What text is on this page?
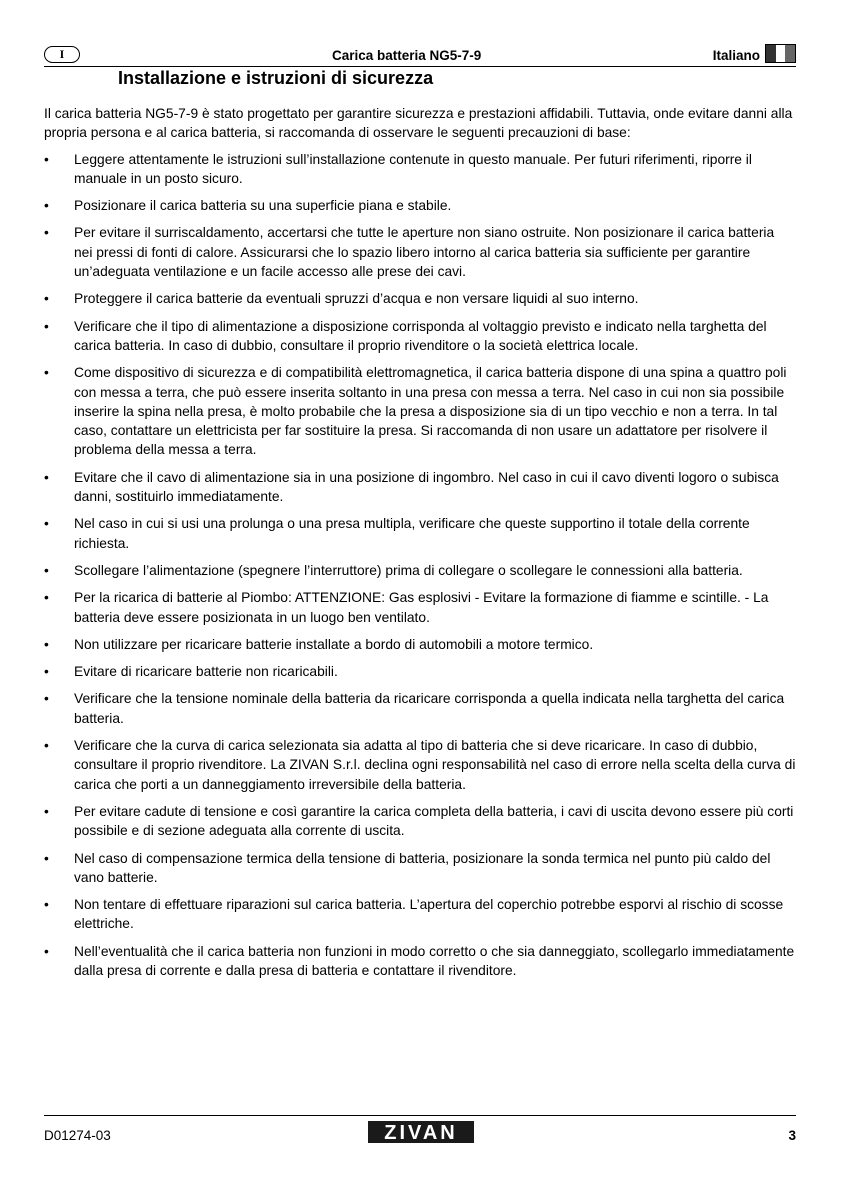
I	Carica batteria NG5-7-9	Italiano
Installazione e istruzioni di sicurezza

Il carica batteria NG5-7-9 è stato progettato per garantire sicurezza e prestazioni affidabili. Tuttavia, onde evitare danni alla propria persona e al carica batteria, si raccomanda di osservare le seguenti precauzioni di base:

• Leggere attentamente le istruzioni sull’installazione contenute in questo manuale. Per futuri riferimenti, riporre il manuale in un posto sicuro.
• Posizionare il carica batteria su una superficie piana e stabile.
• Per evitare il surriscaldamento, accertarsi che tutte le aperture non siano ostruite. Non posizionare il carica batteria nei pressi di fonti di calore. Assicurarsi che lo spazio libero intorno al carica batteria sia sufficiente per garantire un’adeguata ventilazione e un facile accesso alle prese dei cavi.
• Proteggere il carica batterie da eventuali spruzzi d’acqua e non versare liquidi al suo interno.
• Verificare che il tipo di alimentazione a disposizione corrisponda al voltaggio previsto e indicato nella targhetta del carica batteria. In caso di dubbio, consultare il proprio rivenditore o la società elettrica locale.
• Come dispositivo di sicurezza e di compatibilità elettromagnetica, il carica batteria dispone di una spina a quattro poli con messa a terra, che può essere inserita soltanto in una presa con messa a terra. Nel caso in cui non sia possibile inserire la spina nella presa, è molto probabile che la presa a disposizione sia di un tipo vecchio e non a terra. In tal caso, contattare un elettricista per far sostituire la presa. Si raccomanda di non usare un adattatore per risolvere il problema della messa a terra.
• Evitare che il cavo di alimentazione sia in una posizione di ingombro. Nel caso in cui il cavo diventi logoro o subisca danni, sostituirlo immediatamente.
• Nel caso in cui si usi una prolunga o una presa multipla, verificare che queste supportino il totale della corrente richiesta.
• Scollegare l’alimentazione (spegnere l’interruttore) prima di collegare o scollegare le connessioni alla batteria.
• Per la ricarica di batterie al Piombo: ATTENZIONE: Gas esplosivi - Evitare la formazione di fiamme e scintille. - La batteria deve essere posizionata in un luogo ben ventilato.
• Non utilizzare per ricaricare batterie installate a bordo di automobili a motore termico.
• Evitare di ricaricare batterie non ricaricabili.
• Verificare che la tensione nominale della batteria da ricaricare corrisponda a quella indicata nella targhetta del carica batteria.
• Verificare che la curva di carica selezionata sia adatta al tipo di batteria che si deve ricaricare. In caso di dubbio, consultare il proprio rivenditore. La ZIVAN S.r.l. declina ogni responsabilità nel caso di errore nella scelta della curva di carica che porti a un danneggiamento irreversibile della batteria.
• Per evitare cadute di tensione e così garantire la carica completa della batteria, i cavi di uscita devono essere più corti possibile e di sezione adeguata alla corrente di uscita.
• Nel caso di compensazione termica della tensione di batteria, posizionare la sonda termica nel punto più caldo del vano batterie.
• Non tentare di effettuare riparazioni sul carica batteria. L’apertura del coperchio potrebbe esporvi al rischio di scosse elettriche.
• Nell’eventualità che il carica batteria non funzioni in modo corretto o che sia danneggiato, scollegarlo immediatamente dalla presa di corrente e dalla presa di batteria e contattare il rivenditore.
D01274-03	ZIVAN	3
